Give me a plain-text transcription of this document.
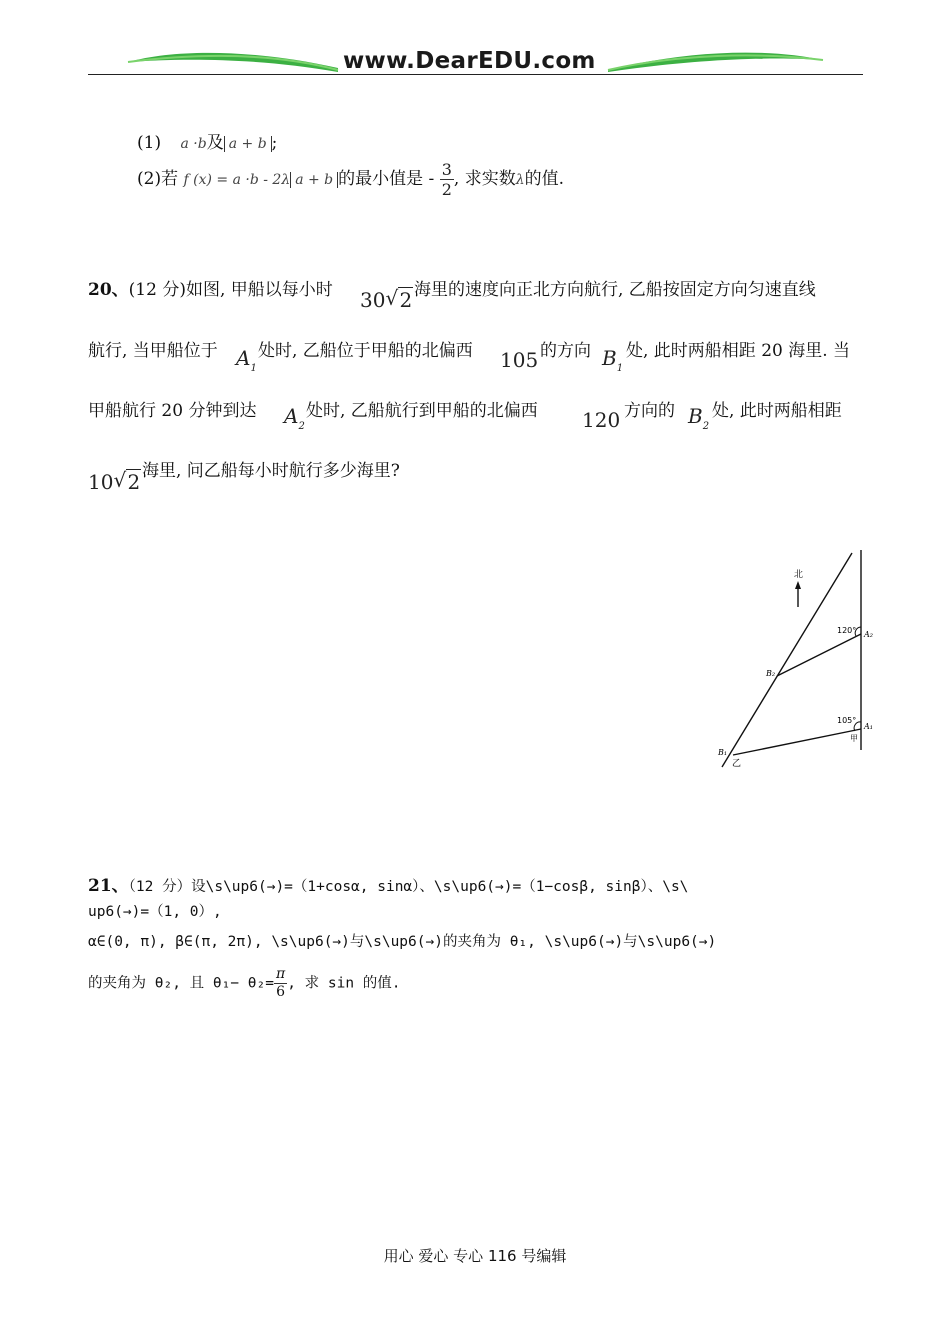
www.DearEDU.com
(1) a ·b及 a + b ;
(2)若 f (x) = a ·b - 2λ a + b 的最小值是 - $\frac{3}{2}$ , 求实数λ的值.
20、(12 分)如图, 甲船以每小时 30 √ 2 海里的速度向正北方向航行, 乙船按固定方向匀速直线
航行, 当甲船位于 $A_1$
处时, 乙船位于甲船的北偏西 105 的方向 $B_1$
处, 此时两船相距 20 海里. 当
甲船航行 20 分钟到达 $A_2$
处时, 乙船航行到甲船的北偏西 120 方向的 $B_2$
处, 此时两船相距
10 √ 2 海里, 问乙船每小时航行多少海里?
北
120° A₂
B₂
105°
A₁
甲
B₁
乙
21、（12 分）设\s\up6(→)=（1+cosα, sinα）、\s\up6(→)=（1−cosβ, sinβ）、\s\
up6(→)=（1, 0）,
α∈(0, π), β∈(π, 2π), \s\up6(→)与\s\up6(→)的夹角为 θ₁, \s\up6(→)与\s\up6(→)
的夹角为 θ₂, 且 $\theta_1- \theta_2= \frac{\pi}{6}$ , 求 sin 的值.
用心 爱心 专心 116 号编辑
